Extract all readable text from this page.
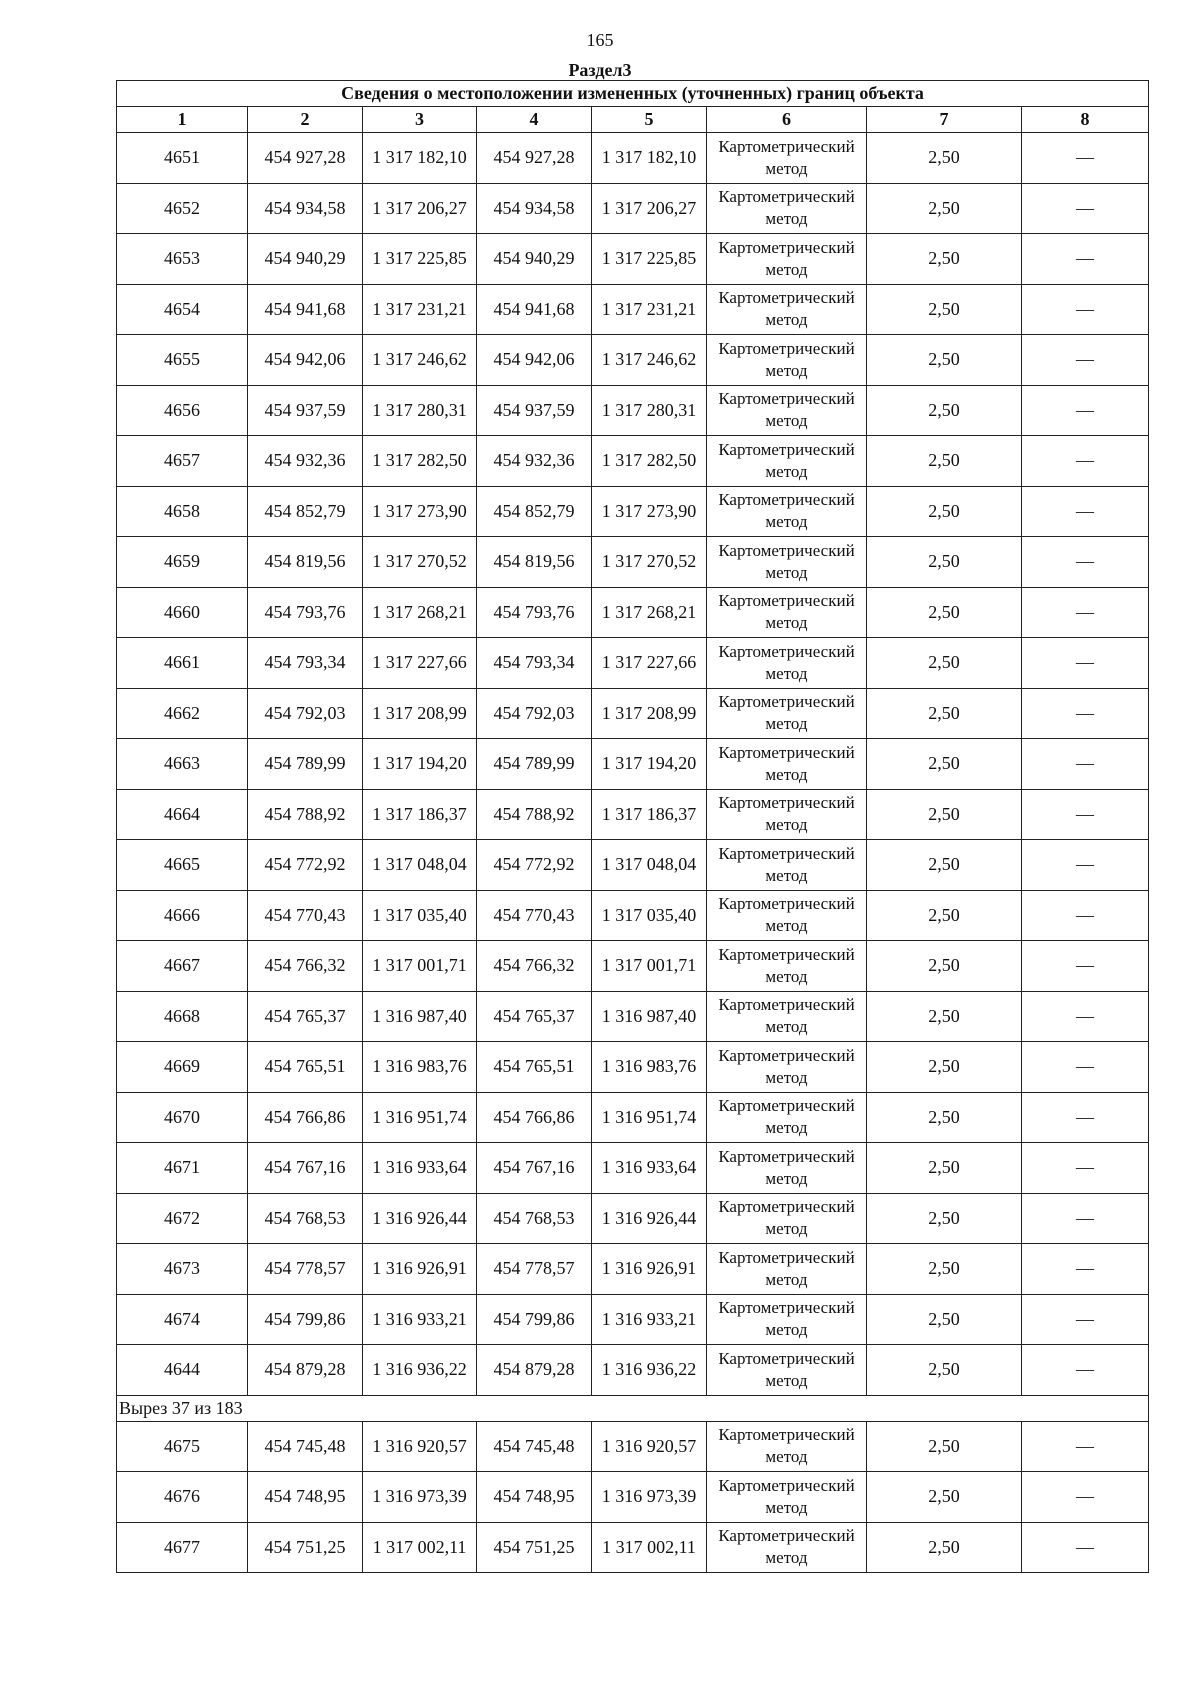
165
Раздел3
Сведения о местоположении измененных (уточненных) границ объекта							
1	2	3	4	5	6	7	8
4651	454 927,28	1 317 182,10	454 927,28	1 317 182,10	Картометрический метод	2,50	—
4652	454 934,58	1 317 206,27	454 934,58	1 317 206,27	Картометрический метод	2,50	—
4653	454 940,29	1 317 225,85	454 940,29	1 317 225,85	Картометрический метод	2,50	—
4654	454 941,68	1 317 231,21	454 941,68	1 317 231,21	Картометрический метод	2,50	—
4655	454 942,06	1 317 246,62	454 942,06	1 317 246,62	Картометрический метод	2,50	—
4656	454 937,59	1 317 280,31	454 937,59	1 317 280,31	Картометрический метод	2,50	—
4657	454 932,36	1 317 282,50	454 932,36	1 317 282,50	Картометрический метод	2,50	—
4658	454 852,79	1 317 273,90	454 852,79	1 317 273,90	Картометрический метод	2,50	—
4659	454 819,56	1 317 270,52	454 819,56	1 317 270,52	Картометрический метод	2,50	—
4660	454 793,76	1 317 268,21	454 793,76	1 317 268,21	Картометрический метод	2,50	—
4661	454 793,34	1 317 227,66	454 793,34	1 317 227,66	Картометрический метод	2,50	—
4662	454 792,03	1 317 208,99	454 792,03	1 317 208,99	Картометрический метод	2,50	—
4663	454 789,99	1 317 194,20	454 789,99	1 317 194,20	Картометрический метод	2,50	—
4664	454 788,92	1 317 186,37	454 788,92	1 317 186,37	Картометрический метод	2,50	—
4665	454 772,92	1 317 048,04	454 772,92	1 317 048,04	Картометрический метод	2,50	—
4666	454 770,43	1 317 035,40	454 770,43	1 317 035,40	Картометрический метод	2,50	—
4667	454 766,32	1 317 001,71	454 766,32	1 317 001,71	Картометрический метод	2,50	—
4668	454 765,37	1 316 987,40	454 765,37	1 316 987,40	Картометрический метод	2,50	—
4669	454 765,51	1 316 983,76	454 765,51	1 316 983,76	Картометрический метод	2,50	—
4670	454 766,86	1 316 951,74	454 766,86	1 316 951,74	Картометрический метод	2,50	—
4671	454 767,16	1 316 933,64	454 767,16	1 316 933,64	Картометрический метод	2,50	—
4672	454 768,53	1 316 926,44	454 768,53	1 316 926,44	Картометрический метод	2,50	—
4673	454 778,57	1 316 926,91	454 778,57	1 316 926,91	Картометрический метод	2,50	—
4674	454 799,86	1 316 933,21	454 799,86	1 316 933,21	Картометрический метод	2,50	—
4644	454 879,28	1 316 936,22	454 879,28	1 316 936,22	Картометрический метод	2,50	—
Вырез 37 из 183							
4675	454 745,48	1 316 920,57	454 745,48	1 316 920,57	Картометрический метод	2,50	—
4676	454 748,95	1 316 973,39	454 748,95	1 316 973,39	Картометрический метод	2,50	—
4677	454 751,25	1 317 002,11	454 751,25	1 317 002,11	Картометрический метод	2,50	—
